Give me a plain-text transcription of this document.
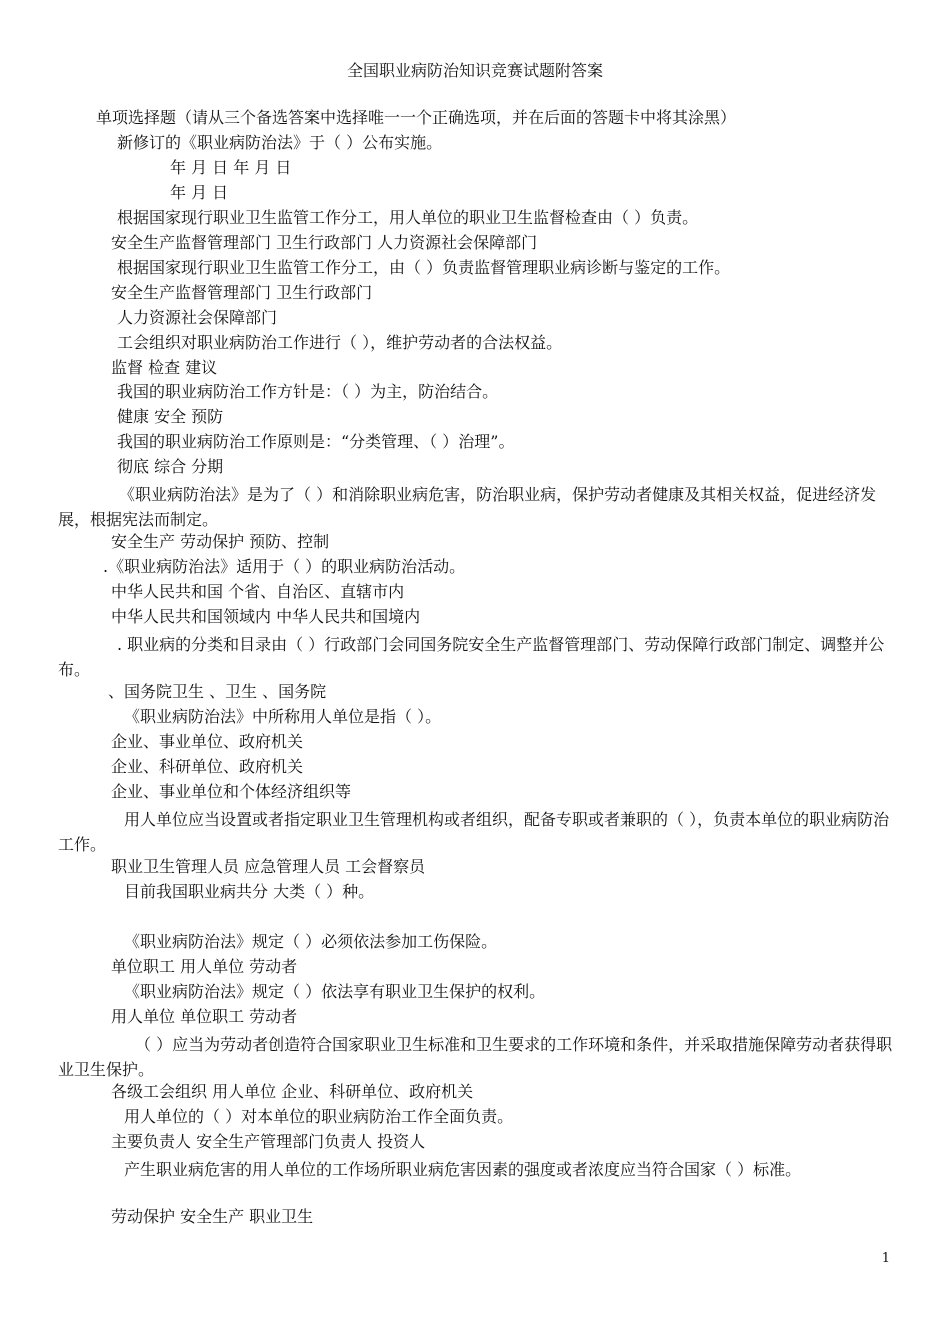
全国职业病防治知识竞赛试题附答案
单项选择题（请从三个备选答案中选择唯一一个正确选项，并在后面的答题卡中将其涂黑）
新修订的《职业病防治法》于（ ）公布实施。
年 月 日 年 月 日
年 月 日
根据国家现行职业卫生监管工作分工，用人单位的职业卫生监督检查由（ ）负责。
安全生产监督管理部门 卫生行政部门 人力资源社会保障部门
根据国家现行职业卫生监管工作分工，由（ ）负责监督管理职业病诊断与鉴定的工作。
安全生产监督管理部门 卫生行政部门
人力资源社会保障部门
工会组织对职业病防治工作进行（ ），维护劳动者的合法权益。
监督 检查 建议
我国的职业病防治工作方针是：（ ）为主，防治结合。
健康 安全 预防
我国的职业病防治工作原则是：“分类管理、（ ）治理”。
彻底 综合 分期
《职业病防治法》是为了（ ）和消除职业病危害，防治职业病，保护劳动者健康及其相关权益，促进经济发展，根据宪法而制定。
安全生产 劳动保护 预防、控制
.《职业病防治法》适用于（ ）的职业病防治活动。
中华人民共和国 个省、自治区、直辖市内
中华人民共和国领域内 中华人民共和国境内
. 职业病的分类和目录由（ ）行政部门会同国务院安全生产监督管理部门、劳动保障行政部门制定、调整并公布。
、国务院卫生 、卫生 、国务院
《职业病防治法》中所称用人单位是指（ ）。
企业、事业单位、政府机关
企业、科研单位、政府机关
企业、事业单位和个体经济组织等
用人单位应当设置或者指定职业卫生管理机构或者组织，配备专职或者兼职的（ ），负责本单位的职业病防治工作。
职业卫生管理人员 应急管理人员 工会督察员
目前我国职业病共分 大类（ ）种。
《职业病防治法》规定（ ）必须依法参加工伤保险。
单位职工 用人单位 劳动者
《职业病防治法》规定（ ）依法享有职业卫生保护的权利。
用人单位 单位职工 劳动者
（ ）应当为劳动者创造符合国家职业卫生标准和卫生要求的工作环境和条件，并采取措施保障劳动者获得职业卫生保护。
各级工会组织 用人单位 企业、科研单位、政府机关
用人单位的（ ）对本单位的职业病防治工作全面负责。
主要负责人 安全生产管理部门负责人 投资人
产生职业病危害的用人单位的工作场所职业病危害因素的强度或者浓度应当符合国家（ ）标准。
劳动保护 安全生产 职业卫生
1
